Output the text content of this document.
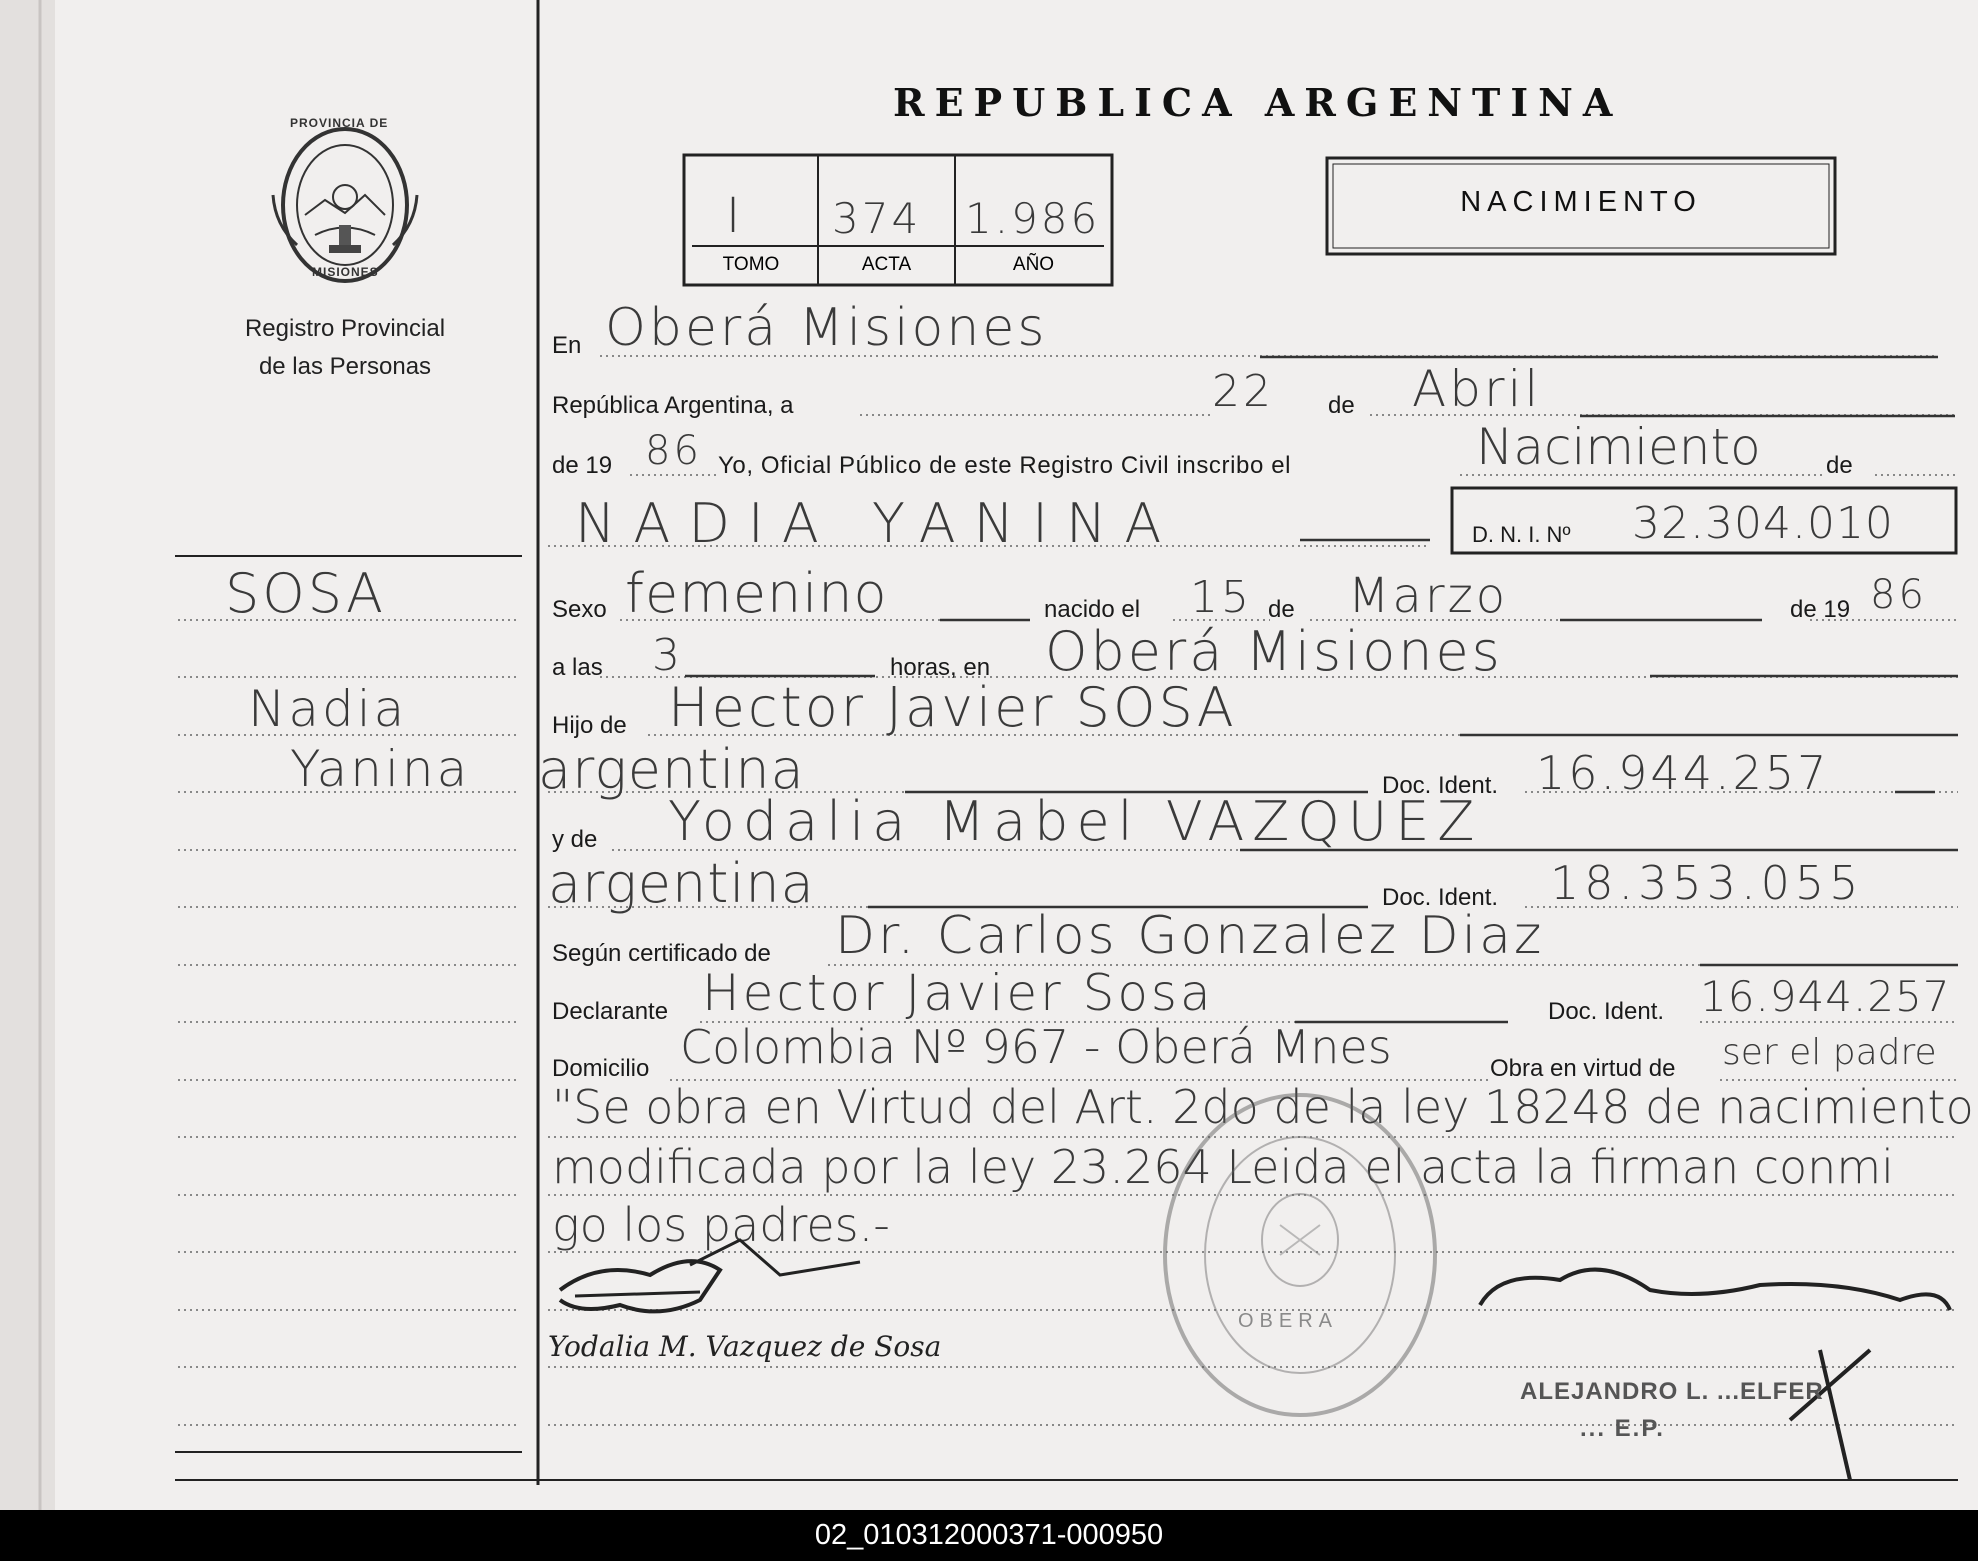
PROVINCIA DE
MISIONES
Registro Provincial
de las Personas
REPUBLICA ARGENTINA
NACIMIENTO
I 374 1.986
TOMO	ACTA	AÑO
SOSA
Nadia
Yanina
En Oberá Misiones
República Argentina, a	22 de Abril
de 19 86 Yo, Oficial Público de este Registro Civil inscribo el	Nacimiento	de
NADIA YANINA	D. N. I. Nº 32.304.010
Sexo femenino	nacido el 15 de Marzo	de 19 86
a las 3	horas, en Oberá Misiones
Hijo de Hector Javier SOSA
argentina	Doc. Ident. 16.944.257
y de Yodalia Mabel VAZQUEZ
argentina	Doc. Ident. 18.353.055
Según certificado de Dr. Carlos Gonzalez Diaz
Declarante Hector Javier Sosa	Doc. Ident. 16.944.257
Domicilio Colombia Nº 967 - Oberá Mnes	Obra en virtud de ser el padre
"Se obra en Virtud del Art. 2do de la ley 18248 de nacimiento
modificada por la ley 23.264 Leida el acta la firman conmi
go los padres.-
OBERA
Yodalia M. Vazquez de Sosa
ALEJANDRO L. ...ELFER
... E.P.
02_010312000371-000950
